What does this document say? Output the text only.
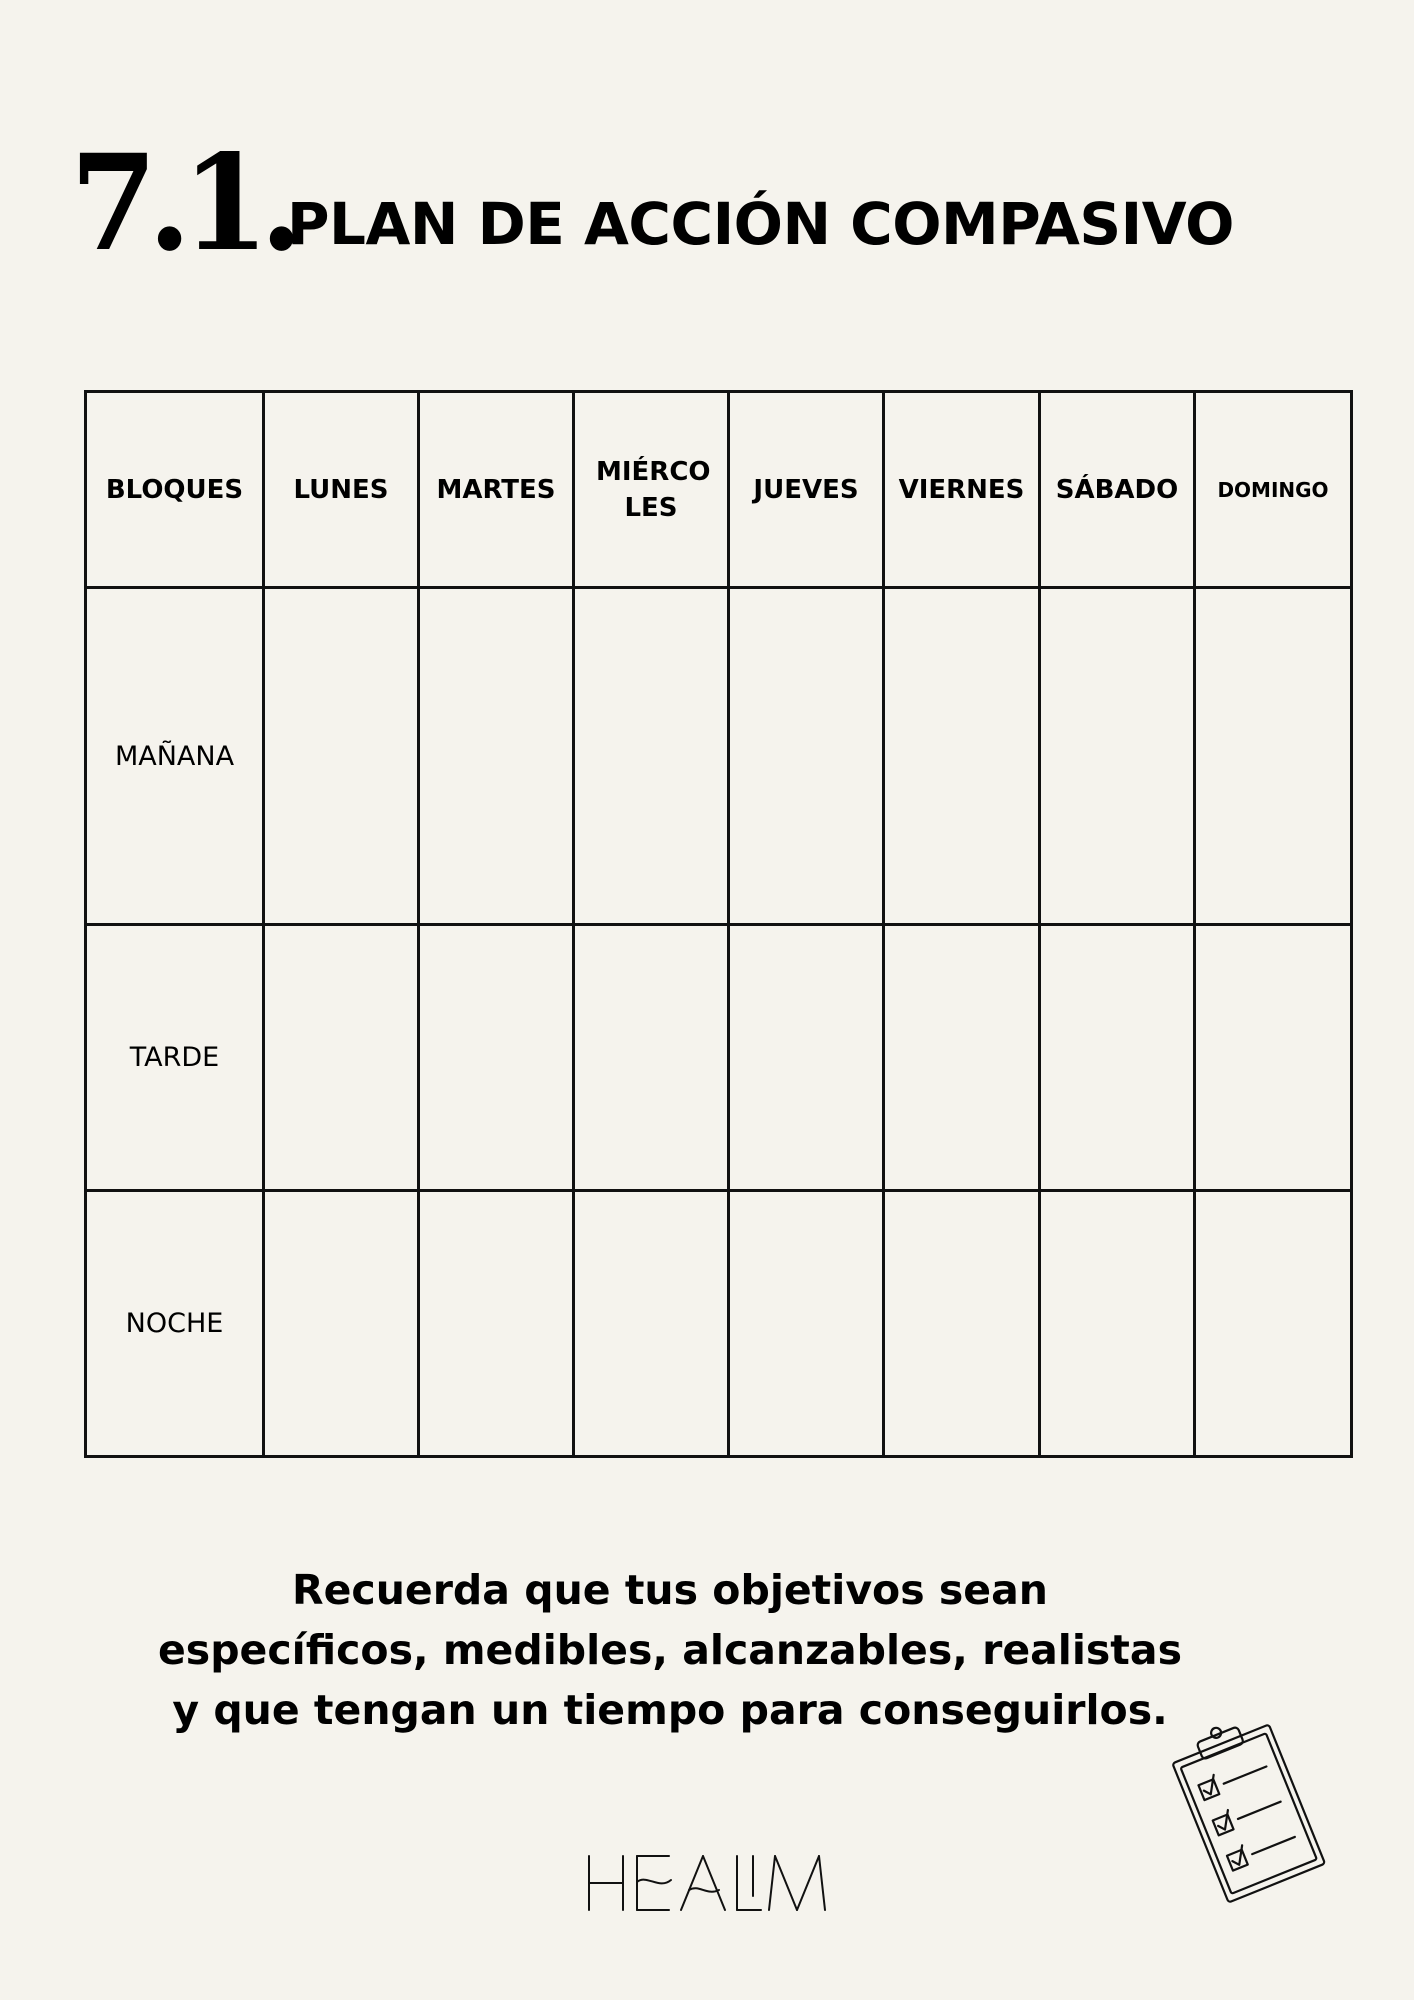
7.1.
PLAN DE ACCIÓN COMPASIVO
BLOQUES	LUNES	MARTES	MIÉRCO LES	JUEVES	VIERNES	SÁBADO	DOMINGO
MAÑANA							
TARDE							
NOCHE							

Recuerda que tus objetivos sean
específicos, medibles, alcanzables, realistas
y que tengan un tiempo para conseguirlos.
